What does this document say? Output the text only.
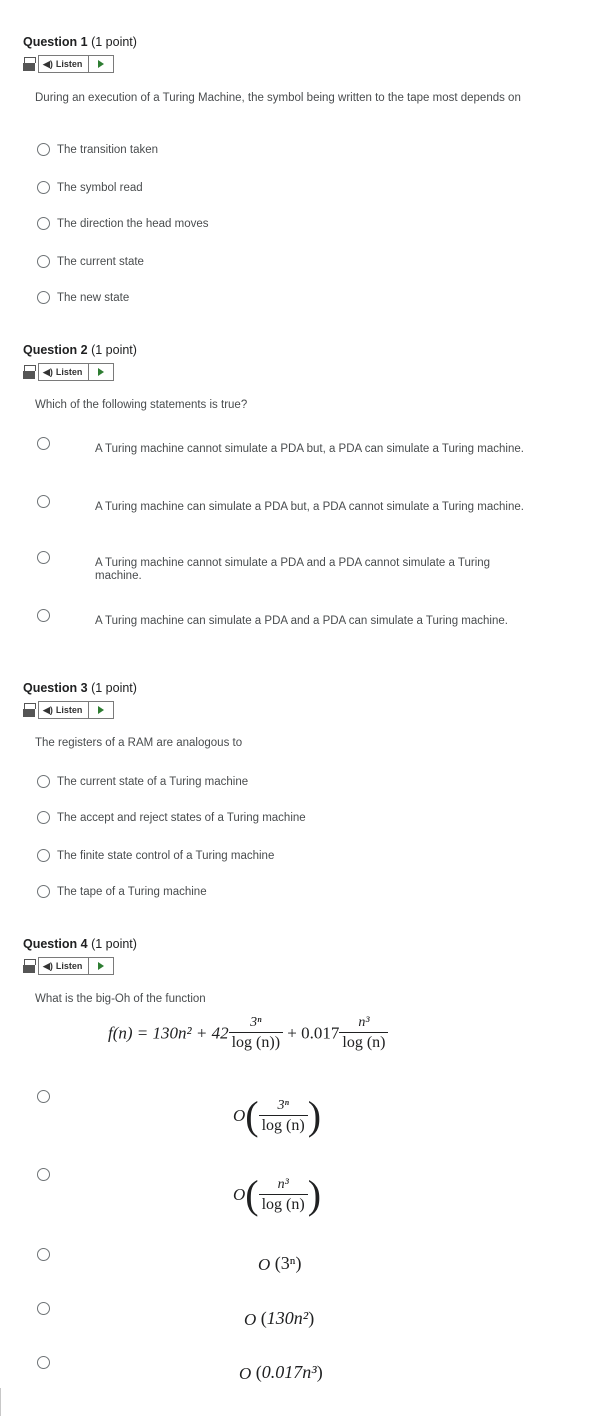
Question 1 (1 point)
◀) Listen
During an execution of a Turing Machine, the symbol being written to the tape most depends on
The transition taken
The symbol read
The direction the head moves
The current state
The new state
Question 2 (1 point)
◀) Listen
Which of the following statements is true?
A Turing machine cannot simulate a PDA but, a PDA can simulate a Turing machine.
A Turing machine can simulate a PDA but, a PDA cannot simulate a Turing machine.
A Turing machine cannot simulate a PDA and a PDA cannot simulate a Turing machine.
A Turing machine can simulate a PDA and a PDA can simulate a Turing machine.
Question 3 (1 point)
◀) Listen
The registers of a RAM are analogous to
The current state of a Turing machine
The accept and reject states of a Turing machine
The finite state control of a Turing machine
The tape of a Turing machine
Question 4 (1 point)
◀) Listen
What is the big-Oh of the function
$f(n) = 130n^2 + 42 \frac{\text{3ⁿ}}{\log (n))} + 0.017 \frac{\text{n³}}{\log (n)}$
$O( \frac{\text{3ⁿ}}{\log (n)}$ )
$O( \frac{\text{n³}}{\log (n)}$ )
O (3ⁿ)
O (130n²)
O (0.017n³)
